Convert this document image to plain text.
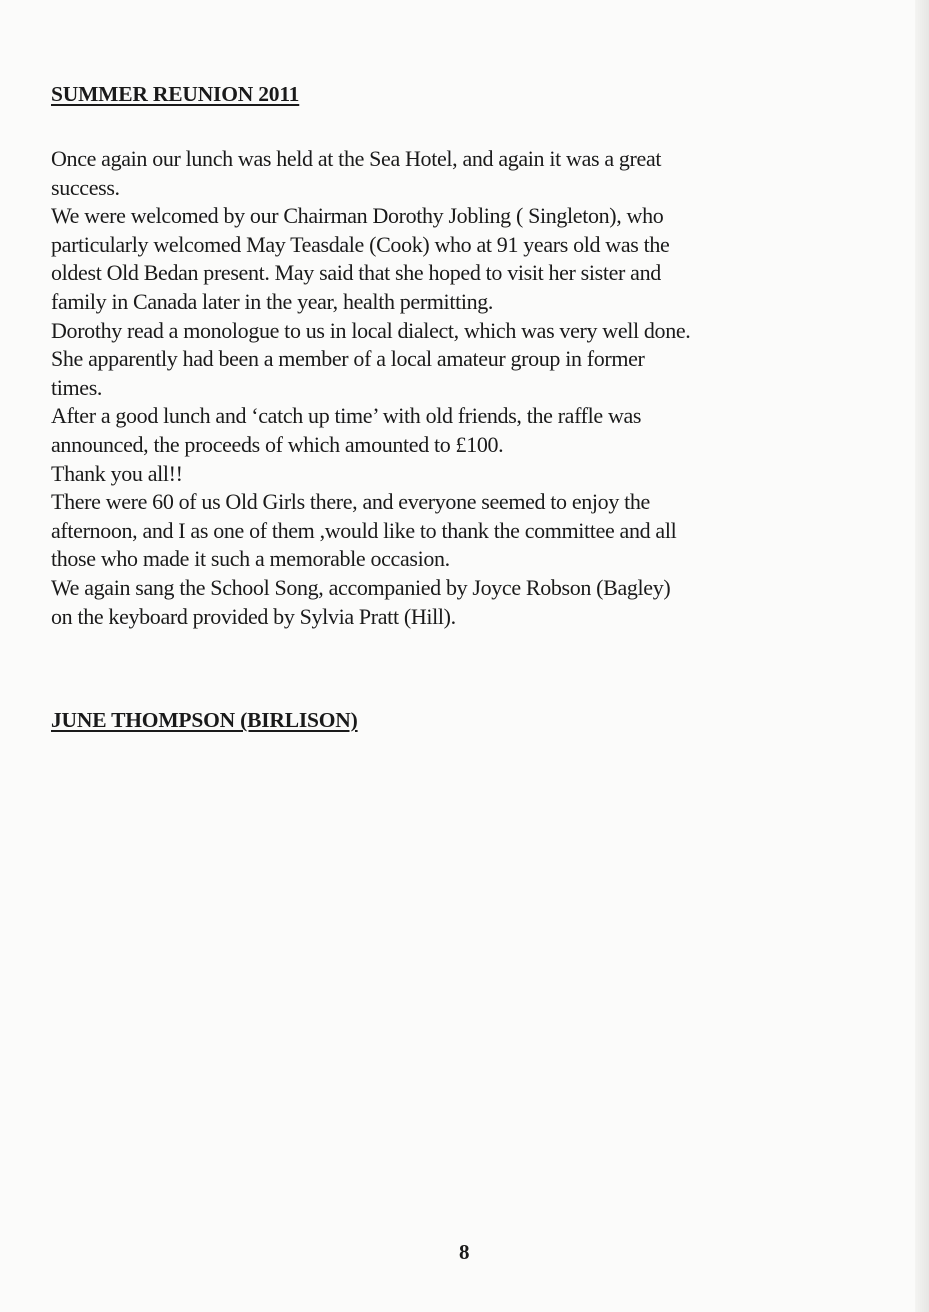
SUMMER REUNION 2011
Once again our lunch was held at the Sea Hotel, and again it was a great
success.
We were welcomed by our Chairman Dorothy Jobling ( Singleton), who
particularly welcomed May Teasdale (Cook) who at 91 years old was the
oldest Old Bedan present. May said that she hoped to visit her sister and
family in Canada later in the year, health permitting.
Dorothy read a monologue to us in local dialect, which was very well done.
She apparently had been a member of a local amateur group in former
times.
After a good lunch and ‘catch up time’ with old friends, the raffle was
announced, the proceeds of which amounted to £100.
Thank you all!!
There were 60 of us Old Girls there, and everyone seemed to enjoy the
afternoon, and I as one of them ,would like to thank the committee and all
those who made it such a memorable occasion.
We again sang the School Song, accompanied by Joyce Robson (Bagley)
on the keyboard provided by Sylvia Pratt (Hill).
JUNE THOMPSON (BIRLISON)
8
